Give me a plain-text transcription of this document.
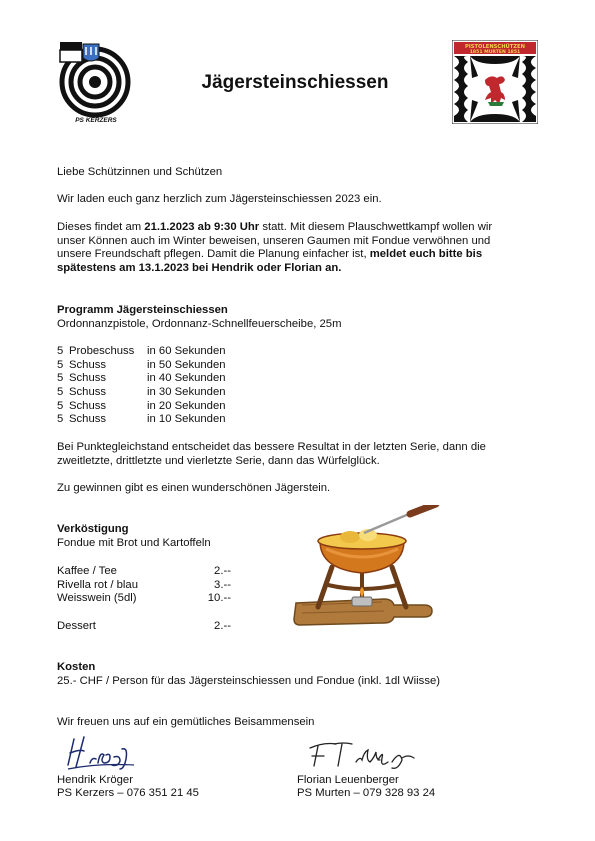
PS KERZERS
Jägersteinschiessen
PISTOLENSCHÜTZEN
1851 MURTEN 1851

Liebe Schützinnen und Schützen

Wir laden euch ganz herzlich zum Jägersteinschiessen 2023 ein.

Dieses findet am 21.1.2023 ab 9:30 Uhr statt. Mit diesem Plauschwettkampf wollen wir

unser Können auch im Winter beweisen, unseren Gaumen mit Fondue verwöhnen und

unsere Freundschaft pflegen. Damit die Planung einfacher ist, meldet euch bitte bis

spätestens am 13.1.2023 bei Hendrik oder Florian an.

Programm Jägersteinschiessen

Ordonnanzpistole, Ordonnanz-Schnellfeuerscheibe, 25m

5 Probeschuss in 60 Sekunden
5 Schuss	in 50 Sekunden
5 Schuss	in 40 Sekunden
5 Schuss	in 30 Sekunden
5 Schuss	in 20 Sekunden
5 Schuss	in 10 Sekunden

Bei Punktegleichstand entscheidet das bessere Resultat in der letzten Serie, dann die

zweitletzte, drittletzte und vierletzte Serie, dann das Würfelglück.

Zu gewinnen gibt es einen wunderschönen Jägerstein.

Verköstigung

Fondue mit Brot und Kartoffeln

Kaffee / Tee	2.--
Rivella rot / blau	3.--
Weisswein (5dl)	10.--
Dessert	2.--

Kosten

25.- CHF / Person für das Jägersteinschiessen und Fondue (inkl. 1dl Wiisse)

Wir freuen uns auf ein gemütliches Beisammensein

Hendrik Kröger

PS Kerzers – 076 351 21 45

Florian Leuenberger

PS Murten – 079 328 93 24
